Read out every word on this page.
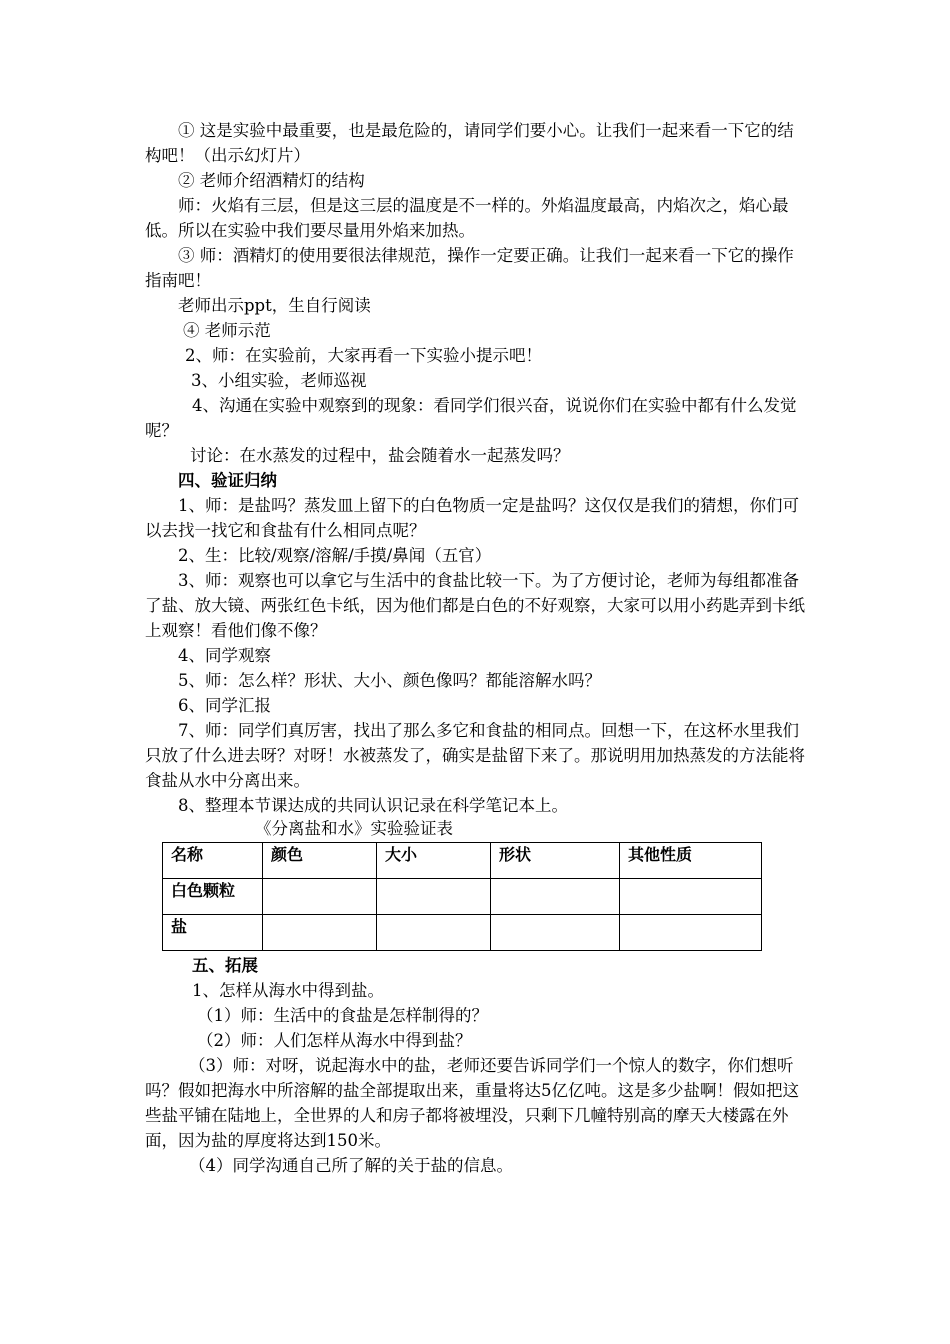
① 这是实验中最重要，也是最危险的，请同学们要小心。让我们一起来看一下它的结构吧！（出示幻灯片）

② 老师介绍酒精灯的结构

师：火焰有三层，但是这三层的温度是不一样的。外焰温度最高，内焰次之，焰心最低。所以在实验中我们要尽量用外焰来加热。

③ 师：酒精灯的使用要很法律规范，操作一定要正确。让我们一起来看一下它的操作指南吧！

老师出示ppt，生自行阅读

④ 老师示范

2、师：在实验前，大家再看一下实验小提示吧！

3、小组实验，老师巡视

4、沟通在实验中观察到的现象：看同学们很兴奋，说说你们在实验中都有什么发觉呢？

讨论：在水蒸发的过程中，盐会随着水一起蒸发吗？

四、验证归纳

1、师：是盐吗？蒸发皿上留下的白色物质一定是盐吗？这仅仅是我们的猜想，你们可以去找一找它和食盐有什么相同点呢？

2、生：比较/观察/溶解/手摸/鼻闻（五官）

3、师：观察也可以拿它与生活中的食盐比较一下。为了方便讨论，老师为每组都准备了盐、放大镜、两张红色卡纸，因为他们都是白色的不好观察，大家可以用小药匙弄到卡纸上观察！看他们像不像？

4、同学观察

5、师：怎么样？形状、大小、颜色像吗？都能溶解水吗？

6、同学汇报

7、师：同学们真厉害，找出了那么多它和食盐的相同点。回想一下，在这杯水里我们只放了什么进去呀？对呀！水被蒸发了，确实是盐留下来了。那说明用加热蒸发的方法能将食盐从水中分离出来。

8、整理本节课达成的共同认识记录在科学笔记本上。

《分离盐和水》实验验证表

名称	颜色	大小	形状	其他性质
白色颗粒				
盐				

五、拓展

1、怎样从海水中得到盐。

（1）师：生活中的食盐是怎样制得的？

（2）师：人们怎样从海水中得到盐？

（3）师：对呀，说起海水中的盐，老师还要告诉同学们一个惊人的数字，你们想听吗？假如把海水中所溶解的盐全部提取出来，重量将达5亿亿吨。这是多少盐啊！假如把这些盐平铺在陆地上，全世界的人和房子都将被埋没，只剩下几幢特别高的摩天大楼露在外面，因为盐的厚度将达到150米。

（4）同学沟通自己所了解的关于盐的信息。
